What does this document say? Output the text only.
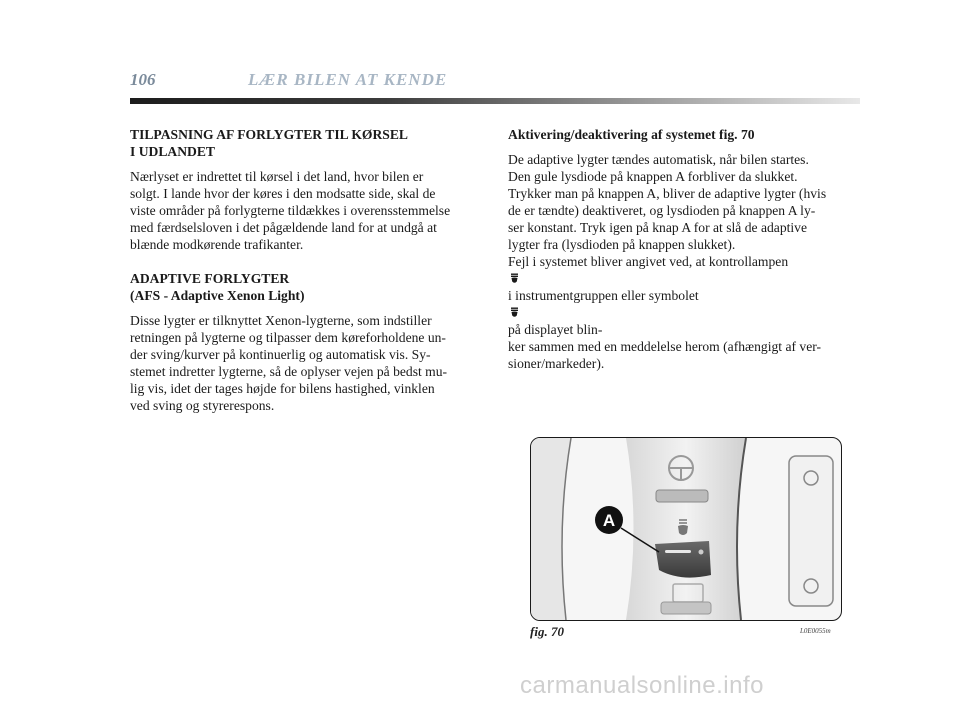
106	LÆR BILEN AT KENDE
TILPASNING AF FORLYGTER TIL KØRSEL
I UDLANDET
Nærlyset er indrettet til kørsel i det land, hvor bilen er
solgt. I lande hvor der køres i den modsatte side, skal de
viste områder på forlygterne tildækkes i overensstemmelse
med færdselsloven i det pågældende land for at undgå at
blænde modkørende trafikanter.
ADAPTIVE FORLYGTER
(AFS - Adaptive Xenon Light)
Disse lygter er tilknyttet Xenon-lygterne, som indstiller
retningen på lygterne og tilpasser dem køreforholdene un-
der sving/kurver på kontinuerlig og automatisk vis. Sy-
stemet indretter lygterne, så de oplyser vejen på bedst mu-
lig vis, idet der tages højde for bilens hastighed, vinklen
ved sving og styrerespons.
Aktivering/deaktivering af systemet fig. 70
De adaptive lygter tændes automatisk, når bilen startes.
Den gule lysdiode på knappen A forbliver da slukket.
Trykker man på knappen A, bliver de adaptive lygter (hvis
de er tændte) deaktiveret, og lysdioden på knappen A ly-
ser konstant. Tryk igen på knap A for at slå de adaptive
lygter fra (lysdioden på knappen slukket).
Fejl i systemet bliver angivet ved, at kontrollampen
i instrumentgruppen eller symbolet
på displayet blin-
ker sammen med en meddelelse herom (afhængigt af ver-
sioner/markeder).
A
fig. 70	L0E0055m
carmanualsonline.info
